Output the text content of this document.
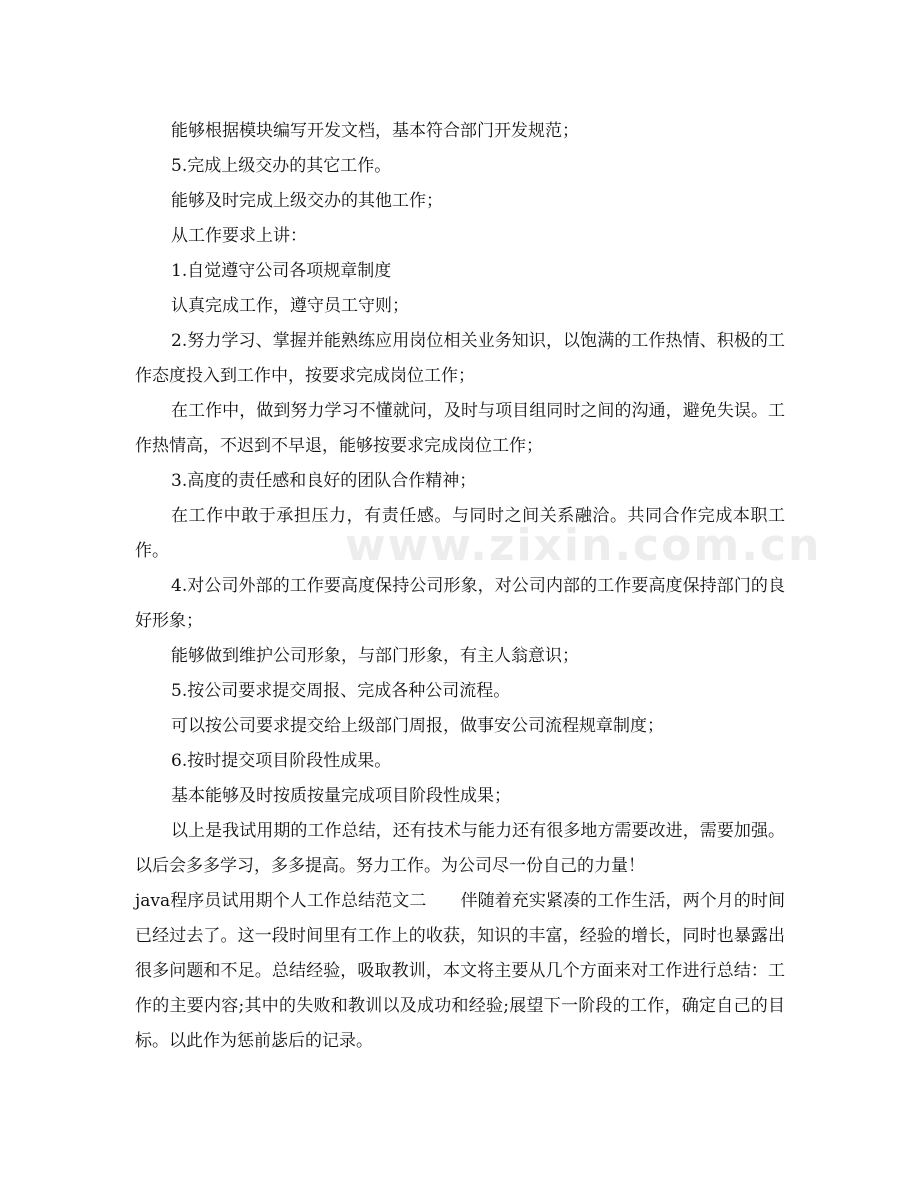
能够根据模块编写开发文档，基本符合部门开发规范；

5.完成上级交办的其它工作。

能够及时完成上级交办的其他工作；

从工作要求上讲：

1.自觉遵守公司各项规章制度

认真完成工作，遵守员工守则；

2.努力学习、掌握并能熟练应用岗位相关业务知识，以饱满的工作热情、积极的工作态度投入到工作中，按要求完成岗位工作；

在工作中，做到努力学习不懂就问，及时与项目组同时之间的沟通，避免失误。工作热情高，不迟到不早退，能够按要求完成岗位工作；

3.高度的责任感和良好的团队合作精神；

在工作中敢于承担压力，有责任感。与同时之间关系融洽。共同合作完成本职工作。

4.对公司外部的工作要高度保持公司形象，对公司内部的工作要高度保持部门的良好形象；

能够做到维护公司形象，与部门形象，有主人翁意识；

5.按公司要求提交周报、完成各种公司流程。

可以按公司要求提交给上级部门周报，做事安公司流程规章制度；

6.按时提交项目阶段性成果。

基本能够及时按质按量完成项目阶段性成果；

以上是我试用期的工作总结，还有技术与能力还有很多地方需要改进，需要加强。以后会多多学习，多多提高。努力工作。为公司尽一份自己的力量！

java程序员试用期个人工作总结范文二　　伴随着充实紧凑的工作生活，两个月的时间已经过去了。这一段时间里有工作上的收获，知识的丰富，经验的增长，同时也暴露出很多问题和不足。总结经验，吸取教训，本文将主要从几个方面来对工作进行总结：工作的主要内容;其中的失败和教训以及成功和经验;展望下一阶段的工作，确定自己的目标。以此作为惩前毖后的记录。

www.zixin.com.cn
